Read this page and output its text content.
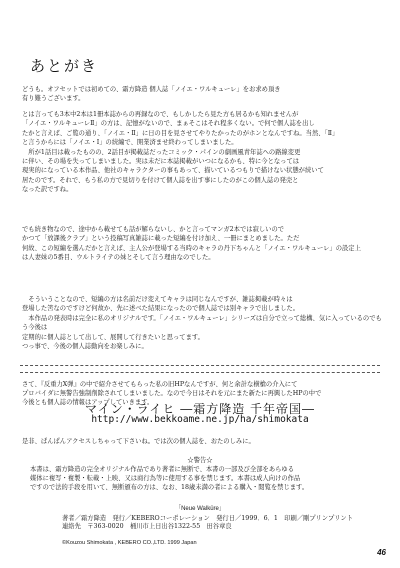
あとがき

どうも。オフセットでは初めての、霜方降造 個人誌「ノイエ・ワルキューレ」をお求め頂き
有り難うございます。

とは言っても3本中2本は1冊本誌からの再録なので、もしかしたら見た方も居るかも知れませんが
「ノイエ・ワルキューレⅡ」の方は、記憶がないので、まぁそこはそれ程多くない。で何で個人誌を出し
たかと言えば、ご覧の通り、「ノイエ・Ⅱ」に日の目を見させてやりたかったのがホンとなんですね。当然、「Ⅱ」
と言うからには「ノイエ・Ⅰ」の続編で、開業済ませ終わってしまいました。
　所が1話目は載ったものの、2話目が掲載誌だったコミック・パインの劇画風青年誌への路線変更
に伴い、その場を失ってしまいました。実は未だに本誌掲載がいつになるかも、特に今となっては
現実的になっている本作品、他社のキャラクターの事もあって、描いているつもりで描けない状態が続いて
居たのです。それで、もう私の方で見切りを付けて個人誌を出す事にしたのがこの個人誌の発売と
なった訳ですね。

でも続き物なので、途中から載せても話が解らないし、かと言ってマンガ2本では寂しいので
かつて「放課後クラブ」という投稿写真雑誌に載った短編を付け加え、一冊にまとめました。ただ
何故、この短編を選んだかと言えば、主人公が登場する当時のキャラの丹下ちゃんと「ノイエ・ワルキューレ」の設定上
は人妻妹の5番目、ウルトライテの妹とそして言う理由なのでした。

　そういうことなので、短編の方は名前だけ変えてキャラは同じなんですが、雑誌掲載が時々は
登場した筈なのですけど何故か、先に述べた結果になったので個人誌では別キャラで出しました。
　本作品の発表時は完全に私のオリジナルです。「ノイエ・ワルキューレ」シリーズは自分で立って総構、気に入っているのでもう今後は
定期的に個人誌として出して、展開して行きたいと思ってます。
つっ事で、今後の個人誌動向をお楽しみに。

さて、『反重力X弾』の中で紹介させてもらった私の旧HPなんですが、何と余計な横槍の介入にて
プロバイダに無警告強制削除されてしまいました。なので今日はそれを元にまた新たに再興したHPの中で
今後とも個人誌の情報はアップしていきます。

マイン・ライヒ ―霜方降造 千年帝国―
http://www.bekkoame.ne.jp/ha/shimokata

是非、ぱんぱんアクセスしちゃって下さいね。では次の個人誌を、おたのしみに。

☆警告☆

本書は、霜方降造の完全オリジナル作品であり著者に無断で、本書の一部及び全部をあらゆる
媒体に複写・複製・転載・上映、又は商行為等に使用する事を禁じます。本書は成人向けの作品
ですので法的手段を用いて、無断頒布の方は、なお、18歳未満の者による購入・閲覧を禁じます。

「Neue Walküre」

著者／霜方降造　発行／KEBEROコーポレーション　発行日／1999．6．1　印刷／剛プリンプリント
連絡先　〒363-0020　桶川市上日出谷1322-55　田谷章良

©Kouzou Shimokata , KEBERO CO.,LTD. 1999 Japan
46
